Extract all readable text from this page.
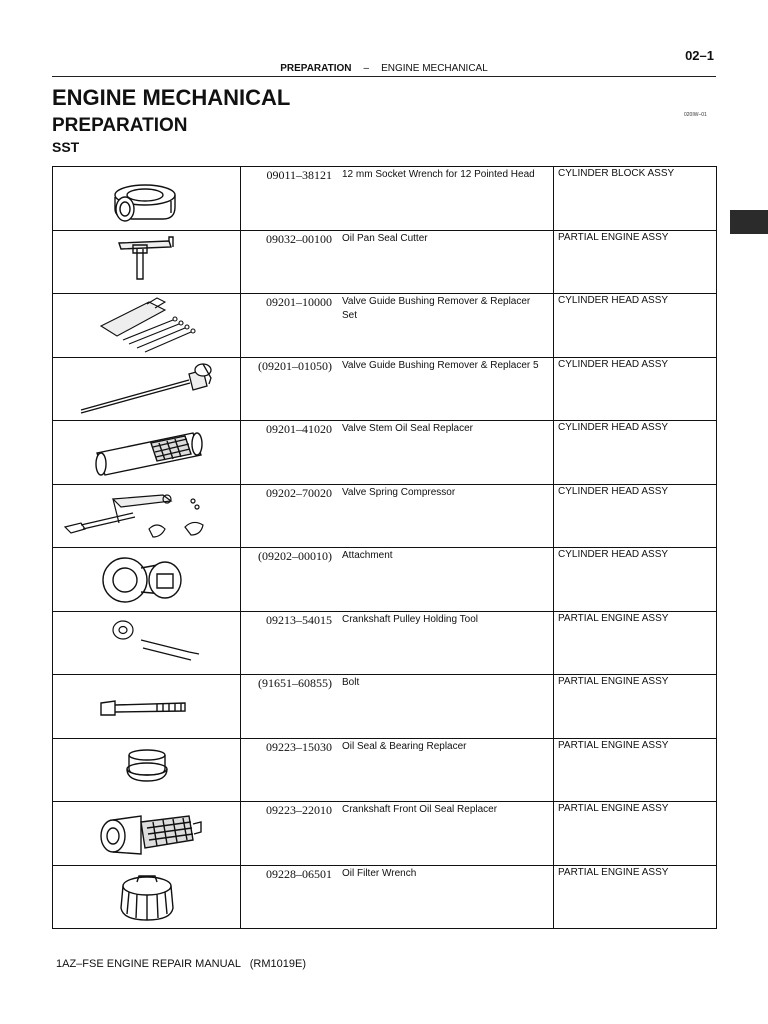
02–1
PREPARATION – ENGINE MECHANICAL
ENGINE MECHANICAL
PREPARATION
SST
020IW–01
	09011–38121	12 mm Socket Wrench for 12 Pointed Head	CYLINDER BLOCK ASSY

	09032–00100	Oil Pan Seal Cutter	PARTIAL ENGINE ASSY

	09201–10000	Valve Guide Bushing Remover & Replacer Set	CYLINDER HEAD ASSY

	(09201–01050)	Valve Guide Bushing Remover & Replacer 5	CYLINDER HEAD ASSY

	09201–41020	Valve Stem Oil Seal Replacer	CYLINDER HEAD ASSY

	09202–70020	Valve Spring Compressor	CYLINDER HEAD ASSY

	(09202–00010)	Attachment	CYLINDER HEAD ASSY

	09213–54015	Crankshaft Pulley Holding Tool	PARTIAL ENGINE ASSY

	(91651–60855)	Bolt	PARTIAL ENGINE ASSY

	09223–15030	Oil Seal & Bearing Replacer	PARTIAL ENGINE ASSY

	09223–22010	Crankshaft Front Oil Seal Replacer	PARTIAL ENGINE ASSY

	09228–06501	Oil Filter Wrench	PARTIAL ENGINE ASSY
1AZ–FSE ENGINE REPAIR MANUAL   (RM1019E)
